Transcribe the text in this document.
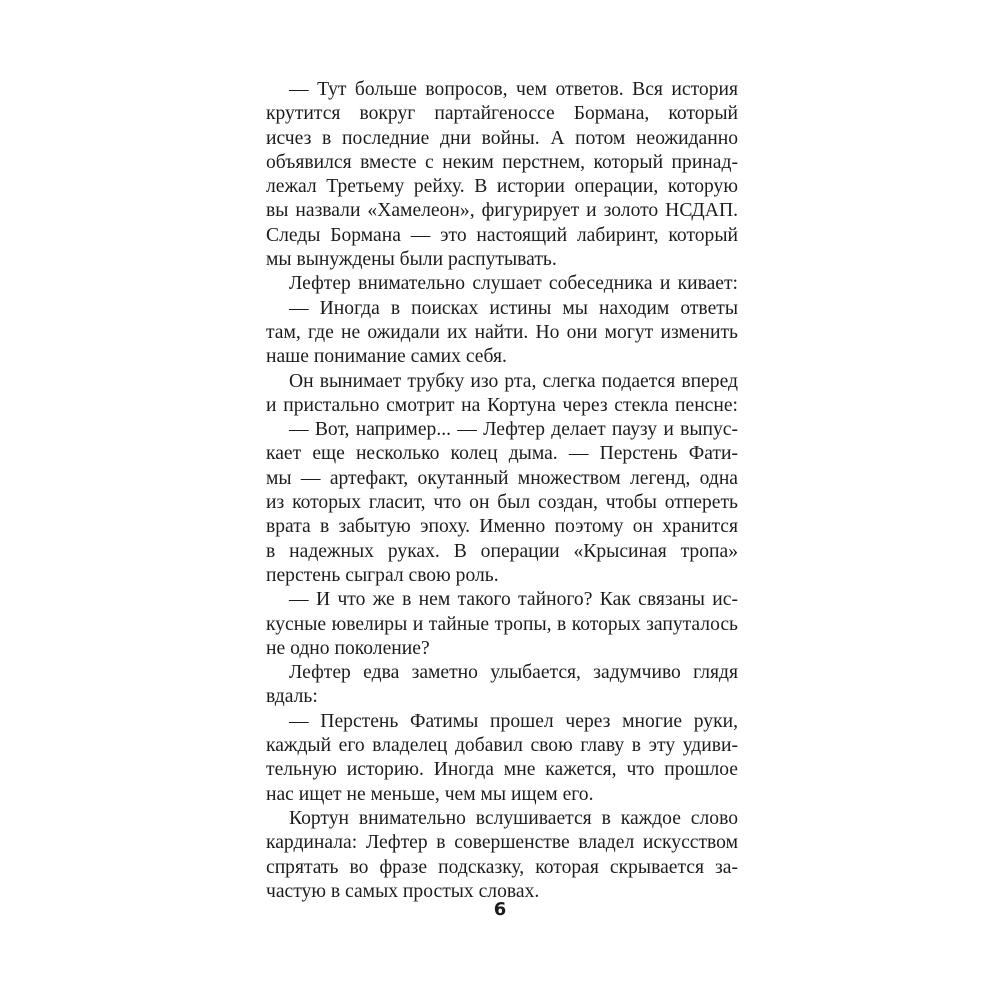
— Тут больше вопросов, чем ответов. Вся история
крутится вокруг партайгеноссе Бормана, который
исчез в последние дни войны. А потом неожиданно
объявился вместе с неким перстнем, который принад-
лежал Третьему рейху. В истории операции, которую
вы назвали «Хамелеон», фигурирует и золото НСДАП.
Следы Бормана — это настоящий лабиринт, который
мы вынуждены были распутывать.
Лефтер внимательно слушает собеседника и кивает:
— Иногда в поисках истины мы находим ответы
там, где не ожидали их найти. Но они могут изменить
наше понимание самих себя.
Он вынимает трубку изо рта, слегка подается вперед
и пристально смотрит на Кортуна через стекла пенсне:
— Вот, например... — Лефтер делает паузу и выпус-
кает еще несколько колец дыма. — Перстень Фати-
мы — артефакт, окутанный множеством легенд, одна
из которых гласит, что он был создан, чтобы отпереть
врата в забытую эпоху. Именно поэтому он хранится
в надежных руках. В операции «Крысиная тропа»
перстень сыграл свою роль.
— И что же в нем такого тайного? Как связаны ис-
кусные ювелиры и тайные тропы, в которых запуталось
не одно поколение?
Лефтер едва заметно улыбается, задумчиво глядя
вдаль:
— Перстень Фатимы прошел через многие руки,
каждый его владелец добавил свою главу в эту удиви-
тельную историю. Иногда мне кажется, что прошлое
нас ищет не меньше, чем мы ищем его.
Кортун внимательно вслушивается в каждое слово
кардинала: Лефтер в совершенстве владел искусством
спрятать во фразе подсказку, которая скрывается за-
частую в самых простых словах.
6
